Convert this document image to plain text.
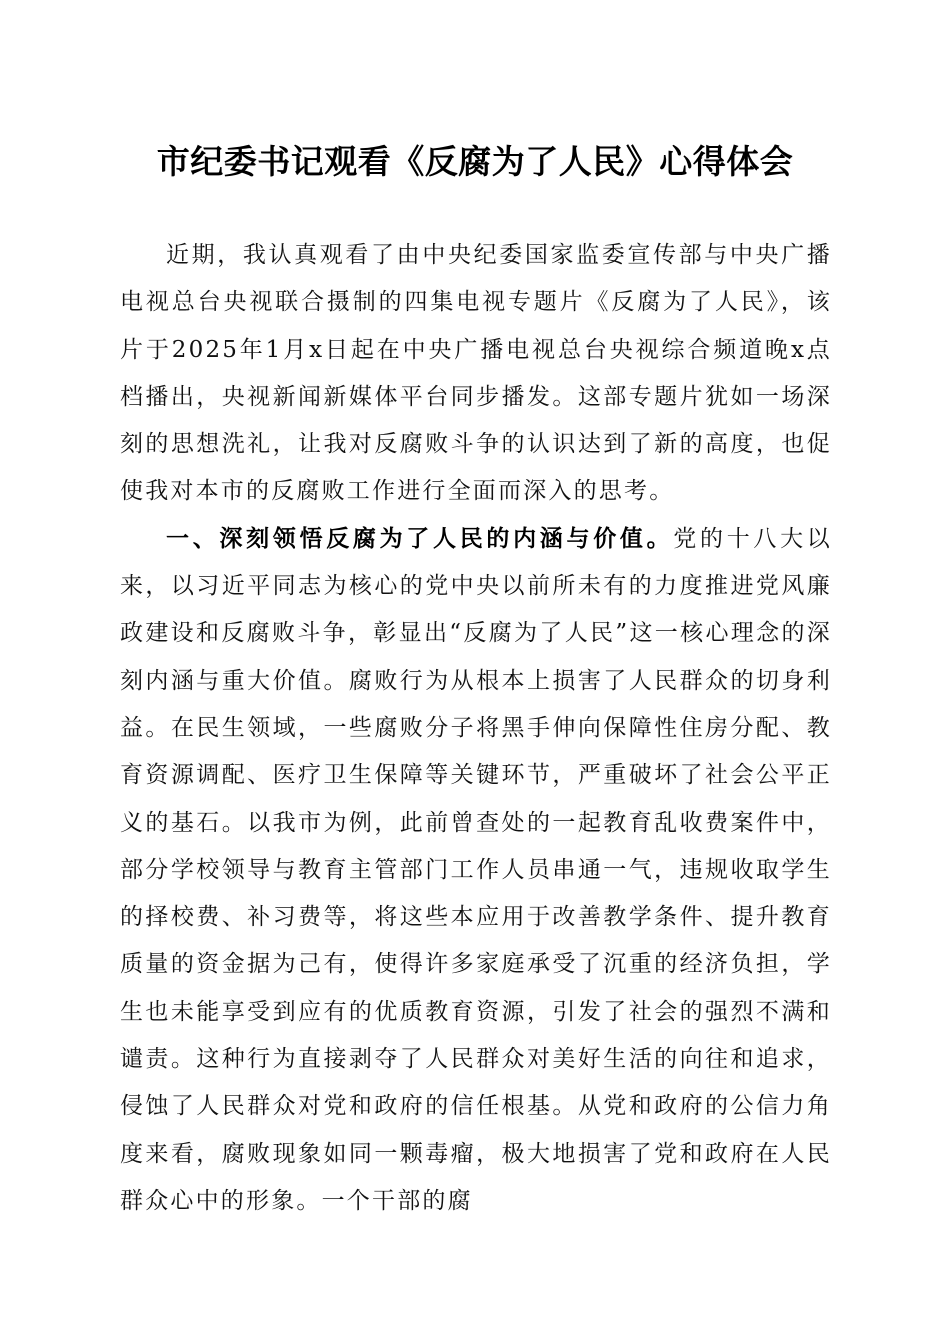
市纪委书记观看《反腐为了人民》心得体会

近期，我认真观看了由中央纪委国家监委宣传部与中央广播电视总台央视联合摄制的四集电视专题片《反腐为了人民》，该片于2025年1月x日起在中央广播电视总台央视综合频道晚x点档播出，央视新闻新媒体平台同步播发。这部专题片犹如一场深刻的思想洗礼，让我对反腐败斗争的认识达到了新的高度，也促使我对本市的反腐败工作进行全面而深入的思考。

一、深刻领悟反腐为了人民的内涵与价值。党的十八大以来，以习近平同志为核心的党中央以前所未有的力度推进党风廉政建设和反腐败斗争，彰显出“反腐为了人民”这一核心理念的深刻内涵与重大价值。腐败行为从根本上损害了人民群众的切身利益。在民生领域，一些腐败分子将黑手伸向保障性住房分配、教育资源调配、医疗卫生保障等关键环节，严重破坏了社会公平正义的基石。以我市为例，此前曾查处的一起教育乱收费案件中，部分学校领导与教育主管部门工作人员串通一气，违规收取学生的择校费、补习费等，将这些本应用于改善教学条件、提升教育质量的资金据为己有，使得许多家庭承受了沉重的经济负担，学生也未能享受到应有的优质教育资源，引发了社会的强烈不满和谴责。这种行为直接剥夺了人民群众对美好生活的向往和追求，侵蚀了人民群众对党和政府的信任根基。从党和政府的公信力角度来看，腐败现象如同一颗毒瘤，极大地损害了党和政府在人民群众心中的形象。一个干部的腐
